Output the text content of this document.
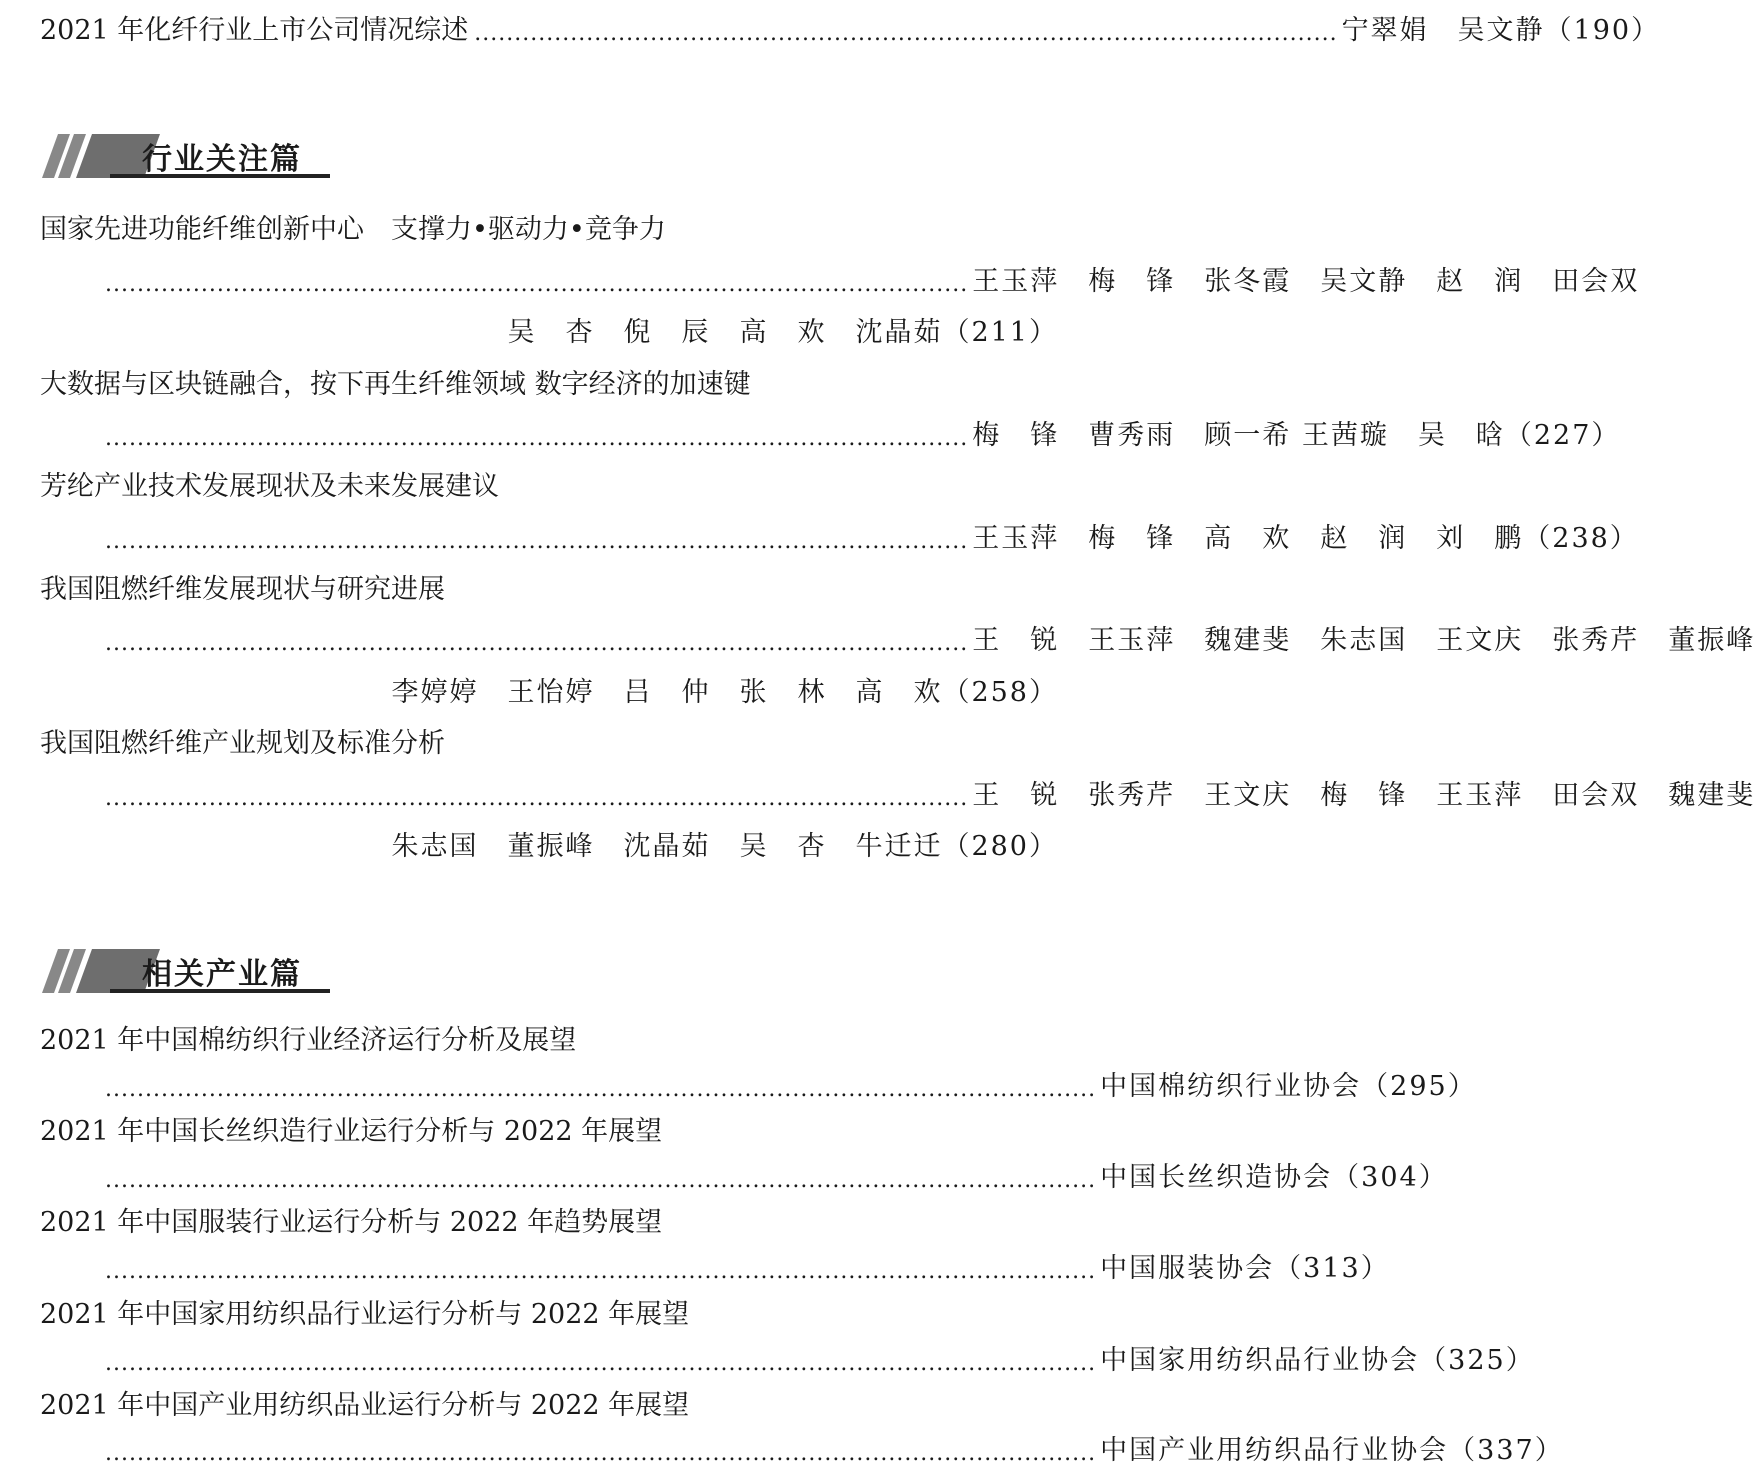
2021 年化纤行业上市公司情况综述 ............................................................................................................ 宁翠娟　吴文静（190）
行业关注篇
国家先进功能纤维创新中心　支撑力•驱动力•竞争力
............................................................................................................ 王玉萍　梅　锋　张冬霞　吴文静　赵　润　田会双
吴　杏　倪　辰　高　欢　沈晶茹（211）
大数据与区块链融合，按下再生纤维领域 数字经济的加速键
............................................................................................................ 梅　锋　曹秀雨　顾一希 王茜璇　吴　晗（227）
芳纶产业技术发展现状及未来发展建议
............................................................................................................ 王玉萍　梅　锋　高　欢　赵　润　刘　鹏（238）
我国阻燃纤维发展现状与研究进展
............................................................................................................ 王　锐　王玉萍　魏建斐　朱志国　王文庆　张秀芹　董振峰
李婷婷　王怡婷　吕　仲　张　林　高　欢（258）
我国阻燃纤维产业规划及标准分析
............................................................................................................ 王　锐　张秀芹　王文庆　梅　锋　王玉萍　田会双　魏建斐
朱志国　董振峰　沈晶茹　吴　杏　牛迁迁（280）
相关产业篇
2021 年中国棉纺织行业经济运行分析及展望
............................................................................................................................ 中国棉纺织行业协会（295）
2021 年中国长丝织造行业运行分析与 2022 年展望
............................................................................................................................ 中国长丝织造协会（304）
2021 年中国服装行业运行分析与 2022 年趋势展望
............................................................................................................................ 中国服装协会（313）
2021 年中国家用纺织品行业运行分析与 2022 年展望
............................................................................................................................ 中国家用纺织品行业协会（325）
2021 年中国产业用纺织品业运行分析与 2022 年展望
............................................................................................................................ 中国产业用纺织品行业协会（337）
